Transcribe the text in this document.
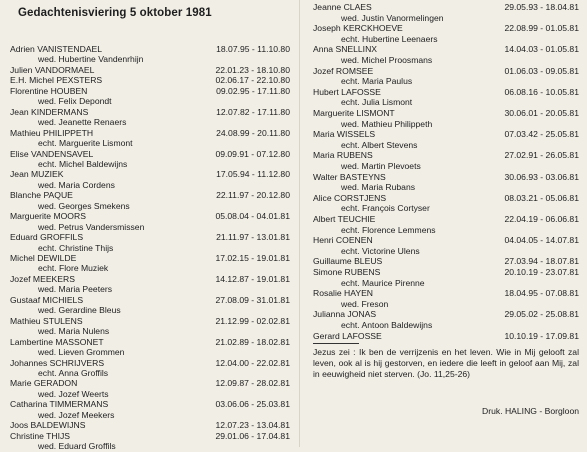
Gedachtenisviering 5 oktober 1981
Adrien VANISTENDAEL	18.07.95 - 11.10.80
wed. Hubertine Vandenrhijn
Julien VANDORMAEL	22.01.23 - 18.10.80
E.H. Michel PEXSTERS	02.06.17 - 22.10.80
Florentine HOUBEN	09.02.95 - 17.11.80
wed. Felix Depondt
Jean KINDERMANS	12.07.82 - 17.11.80
wed. Jeanette Renaers
Mathieu PHILIPPETH	24.08.99 - 20.11.80
echt. Marguerite Lismont
Elise VANDENSAVEL	09.09.91 - 07.12.80
echt. Michel Baldewijns
Jean MUZIEK	17.05.94 - 11.12.80
wed. Maria Cordens
Blanche PAQUE	22.11.97 - 20.12.80
wed. Georges Smekens
Marguerite MOORS	05.08.04 - 04.01.81
wed. Petrus Vandersmissen
Eduard GROFFILS	21.11.97 - 13.01.81
echt. Christine Thijs
Michel DEWILDE	17.02.15 - 19.01.81
echt. Flore Muziek
Jozef MEEKERS	14.12.87 - 19.01.81
wed. Maria Peeters
Gustaaf MICHIELS	27.08.09 - 31.01.81
wed. Gerardine Bleus
Mathieu STULENS	21.12.99 - 02.02.81
wed. Maria Nulens
Lambertine MASSONET	21.02.89 - 18.02.81
wed. Lieven Grommen
Johannes SCHRIJVERS	12.04.00 - 22.02.81
echt. Anna Groffils
Marie GERADON	12.09.87 - 28.02.81
wed. Jozef Weerts
Catharina TIMMERMANS	03.06.06 - 25.03.81
wed. Jozef Meekers
Joos BALDEWIJNS	12.07.23 - 13.04.81
Christine THIJS	29.01.06 - 17.04.81
wed. Eduard Groffils
Jeanne CLAES	29.05.93 - 18.04.81
wed. Justin Vanormelingen
Joseph KERCKHOEVE	22.08.99 - 01.05.81
echt. Hubertine Leenaers
Anna SNELLINX	14.04.03 - 01.05.81
wed. Michel Proosmans
Jozef ROMSEE	01.06.03 - 09.05.81
echt. Maria Paulus
Hubert LAFOSSE	06.08.16 - 10.05.81
echt. Julia Lismont
Marguerite LISMONT	30.06.01 - 20.05.81
wed. Mathieu Philippeth
Maria WISSELS	07.03.42 - 25.05.81
echt. Albert Stevens
Maria RUBENS	27.02.91 - 26.05.81
wed. Martin Plevoets
Walter BASTEYNS	30.06.93 - 03.06.81
wed. Maria Rubans
Alice CORSTJENS	08.03.21 - 05.06.81
echt. François Cortyser
Albert TEUCHIE	22.04.19 - 06.06.81
echt. Florence Lemmens
Henri COENEN	04.04.05 - 14.07.81
echt. Victorine Ulens
Guillaume BLEUS	27.03.94 - 18.07.81
Simone RUBENS	20.10.19 - 23.07.81
echt. Maurice Pirenne
Rosalie HAYEN	18.04.95 - 07.08.81
wed. Freson
Julianna JONAS	29.05.02 - 25.08.81
echt. Antoon Baldewijns
Gerard LAFOSSE	10.10.19 - 17.09.81
Jezus zei : Ik ben de verrijzenis en het leven. Wie in Mij gelooft zal leven, ook al is hij gestorven, en iedere die leeft in geloof aan Mij, zal in eeuwigheid niet sterven. (Jo. 11,25-26)
Druk. HALING - Borgloon
